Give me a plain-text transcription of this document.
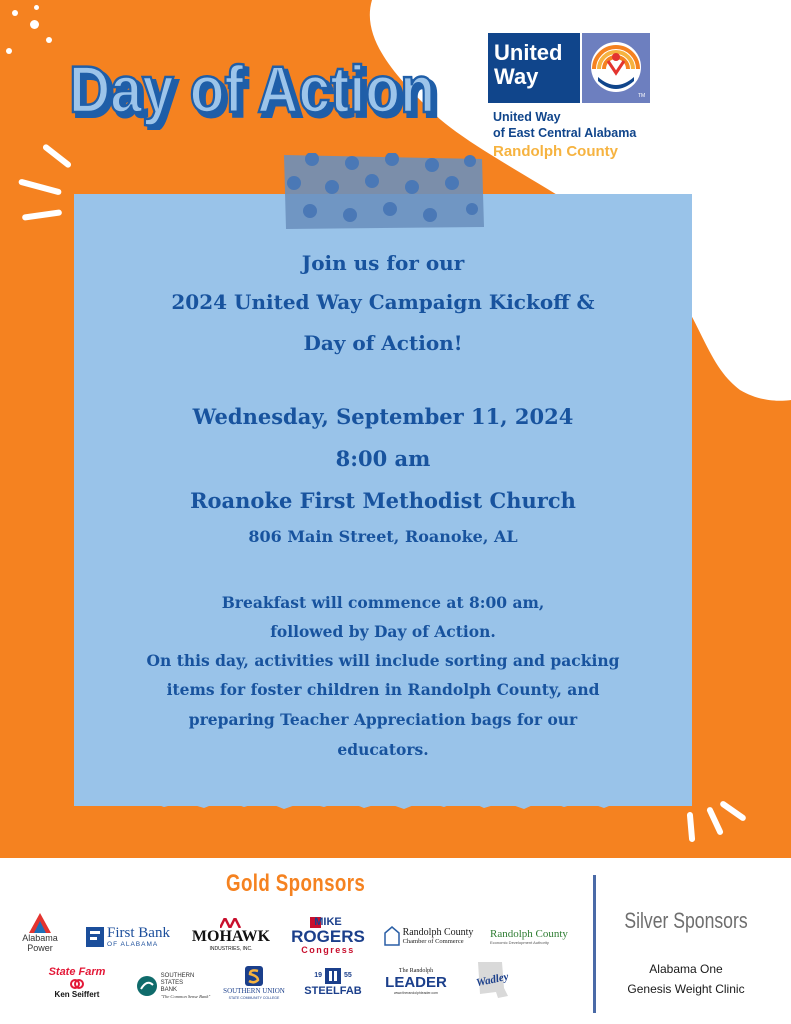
Day of Action
Day of Action	United
Way
TM
United Way
of East Central Alabama
Randolph County
Join us for our
2024 United Way Campaign Kickoff &
Day of Action!
Wednesday, September 11, 2024
8:00 am
Roanoke First Methodist Church
806 Main Street, Roanoke, AL
Breakfast will commence at 8:00 am,
followed by Day of Action.
On this day, activities will include sorting and packing
items for foster children in Randolph County, and
preparing Teacher Appreciation bags for our
educators.
Gold Sponsors
Silver Sponsors
Alabama One
Genesis Weight Clinic
Alabama
Power
First Bank
OF ALABAMA	MOHAWK
INDUSTRIES, INC.
MIKE
ROGERS
Congress
Randolph County
Chamber of Commerce
Randolph County
Economic Development Authority
State Farm
Ken Seiffert
SOUTHERN
STATES
BANK
"The Common Sense Bank"
SOUTHERN UNION
STATE COMMUNITY COLLEGE
19	55
STEELFAB
The Randolph
LEADER
www.therandolphleader.com
Wadley
